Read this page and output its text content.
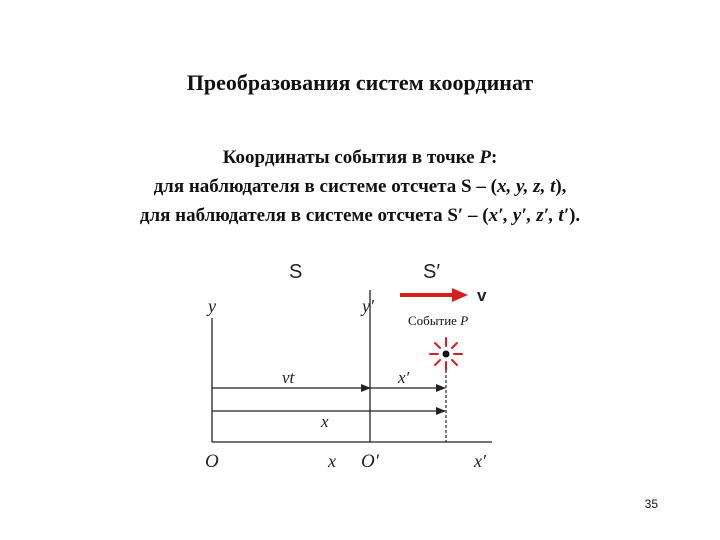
Преобразования систем координат
Координаты события в точке P:
для наблюдателя в системе отсчета S – (x, y, z, t),
для наблюдателя в системе отсчета S′ – (x′, y′, z′, t′).
S	S′
v
Событие P
y	y′
vt	x′
x
O	x O′	x′
35
